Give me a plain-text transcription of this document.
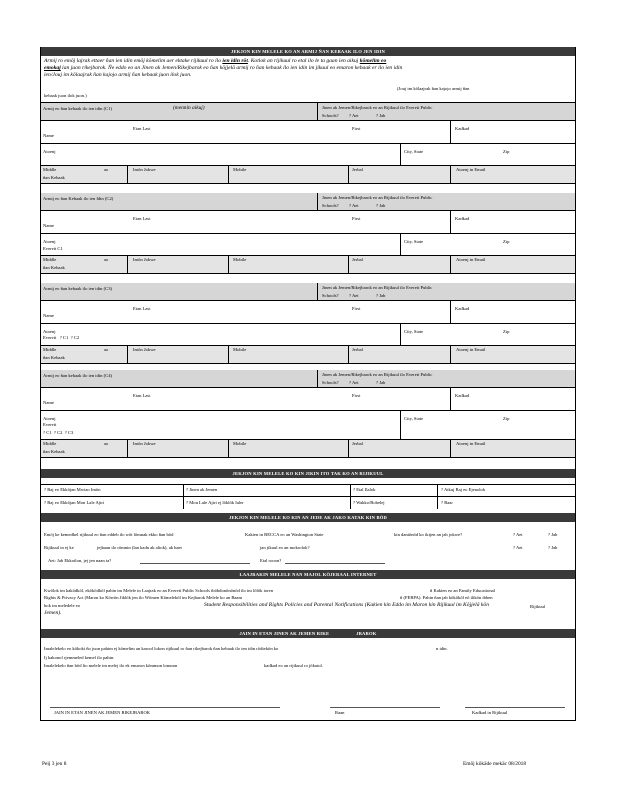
JEKJON KIN MELELE KO AN ARMIJ ÑAN KEBAAK ILO JEN IDIN
Armij ro emōj lajrak ettaer ñan ien idin emōj kōmelim aer ektake rijikuul ro ilo ien idin rōt. Kotlok an rijikuul ro etal ilo le ta gaan ien aikuj kōmelim eo
emokaj ian juon rikejbarok. Ñe eddo eo an Jinen ak Jemen/Rikejbarok eo ñan kōjjelā armij ro ñan kebaak ilo ien idin im jikuul eo emaron kebaak er ilo ien idin
ien/Jouj im kōlaajrak ñan kajojo armij ñan kebaak juon ilok juon.
(Jouj im kōlaajrak ñan kajojo armij ñan
kebaak juon ilok juon.)
Armij eo ñan kebaak ilo ien idin (C1)	(mennin aikuj)	Jinen ak Jemen/Rikejbarok eo an Rijikuul ilo Everett Public
Schools? ? Aet	? Jab
Etan Last	First	Kadkad
Name
Atoenj	City, State	Zip
Middle	ao
ñan Kebaak
Imōn Jokwe	Mobile	Jerbal	Atoenj in Email
Armij eo ñan Kebaak ilo ien Idin (C2)	Jinen ak Jemen/Rikejbarok eo an Rijikuul ilo Everett Public
Schools? ? Aet	? Jab
Etan Last	First	Kadkad
Name
Atoenj	City, State	Zip
Everett C1
Middle	ao
ñan Kebaak
Imōn Jokwe	Mobile	Jerbal	Atoenj in Email
Armij eo ñan kebaak ilo ien idin (C3)	Jinen ak Jemen/Rikejbarok eo an Rijikuul ilo Everett Public
Schools? ? Aet	? Jab
Etan Last	First	Kadkad
Name
Atoenj	City, State	Zip
Everett   ? C1  ? C2
Middle	ao
ñan Kebaak
Imōn Jokwe	Mobile	Jerbal	Atoenj in Email
Armij eo ñan kebaak ilo ien idin (C4)	Jinen ak Jemen/Rikejbarok eo an Rijikuul ilo Everett Public
Schools? ? Aet	? Jab
Etan Last	First	Kadkad
Name
Atoenj	City, State	Zip
Everett
? C1  ? C2  ? C3
Middle	ao
ñan Kebaak
Imōn Jokwe	Mobile	Jerbal	Atoenj in Email
JEKJON KIN MELELE KO KIN JIKIN ITO TAK KO AN RIJIKUUL
? Baj eo Ekkōjan Mwiao Imōn	? Jinen ak Jemen	? Etal Ilalok	? Aikuj Baj eo Ejenolok
? Baj eo Ekkōjan Mon Lale Ajiri	? Mon Lale Ajiri ej lōklōk Ialer	? Wakko/Bobelej	? Baar
JEKJON KIN MELELE KO KIN AN JEDE AK JAKO KATAK KIN BŌD
Emōj ke kemedkel rijikuul eo ñan eddeb ilo wōt lōmnak ekko ñan bōd	Kakien in BECCA eo an Washington State	kin daniōnōd ko ikijen an jab jokwe?	? Aet	? Jab
Rijikuul in ej ke	jejbaan ilo rōmnin (lan kadu ak altok), ak baer	jan jikuul eo an mokrolok?	? Aet	? Jab
Aet: Jab Ekkotlon, jej jen naan ta?	Etal rooon?
LAAJRAKIN MELELE NAN MAJOL KŌJERAAL INTERNET
Kwōlok im kakōdkōl, ekōkōdkōl pabin im Melele in Laajrak eo an Everett Public Schools ibōbdonōnōnōd ilo im lōlōk ioren	ñ Kakien eo an Family Educational
Rights & Privacy Act (Maron ko Kōrrōn Jiklōk jen ilo Wōmen Kōmelekōl im Kejbarok Melele ko an Baam	ñ (FERPA). Pabin ñan jab kōkōkōl eō ilikōn ibben
bok im meledele eo	Student Responsibilities and Rights Policies and Parental Notifications (Kakien kin Eddo im Maron kin Rijikuul im Kōjjelā kōn	Rijikuul
Jemen).
JAIN IN ETAN JINEN AK JEMEN RIKE                    JBAROK
Imalelekelo eo kōkoki ño juon pabim ej kōmelim an karool lokon rijikuul ro ñan rikejbarok ñan kebaak ilo ien idin rōdiekōn ko	n idin.
Ij kakonol rjemmeled kemel ilo pabin.
Imalelekelo ñan bōd lio melele im melej ilo ek emaron kōmmon lomnon	kadkad eo an rijikuul ro jōkatol.
JAIN IN ETAN JINEN AK JEMEN RIKEJBAROK	Raan	Kadkad in Rijikuul
Peij 3 jen 8	Emōj kōkāde mekāc 08/2018
